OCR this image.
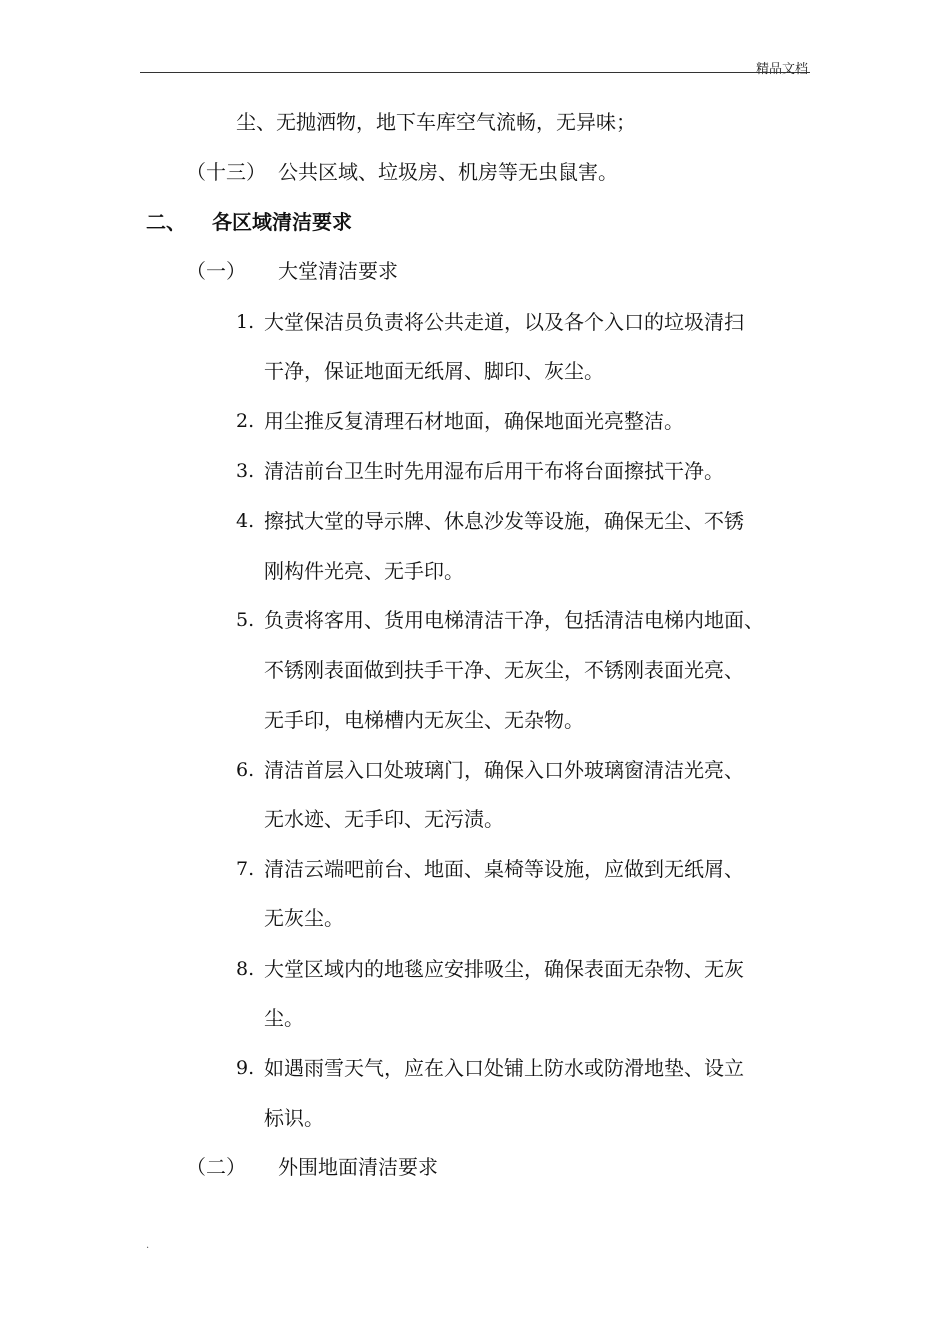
精品文档
尘、无抛洒物，地下车库空气流畅，无异味；
（十三） 公共区域、垃圾房、机房等无虫鼠害。
二、 各区域清洁要求
（一） 大堂清洁要求
1. 大堂保洁员负责将公共走道，以及各个入口的垃圾清扫
干净，保证地面无纸屑、脚印、灰尘。
2. 用尘推反复清理石材地面，确保地面光亮整洁。
3. 清洁前台卫生时先用湿布后用干布将台面擦拭干净。
4. 擦拭大堂的导示牌、休息沙发等设施，确保无尘、不锈
刚构件光亮、无手印。
5. 负责将客用、货用电梯清洁干净，包括清洁电梯内地面、
不锈刚表面做到扶手干净、无灰尘，不锈刚表面光亮、
无手印，电梯槽内无灰尘、无杂物。
6. 清洁首层入口处玻璃门，确保入口外玻璃窗清洁光亮、
无水迹、无手印、无污渍。
7. 清洁云端吧前台、地面、桌椅等设施，应做到无纸屑、
无灰尘。
8. 大堂区域内的地毯应安排吸尘，确保表面无杂物、无灰
尘。
9. 如遇雨雪天气，应在入口处铺上防水或防滑地垫、设立
标识。
（二） 外围地面清洁要求
.
